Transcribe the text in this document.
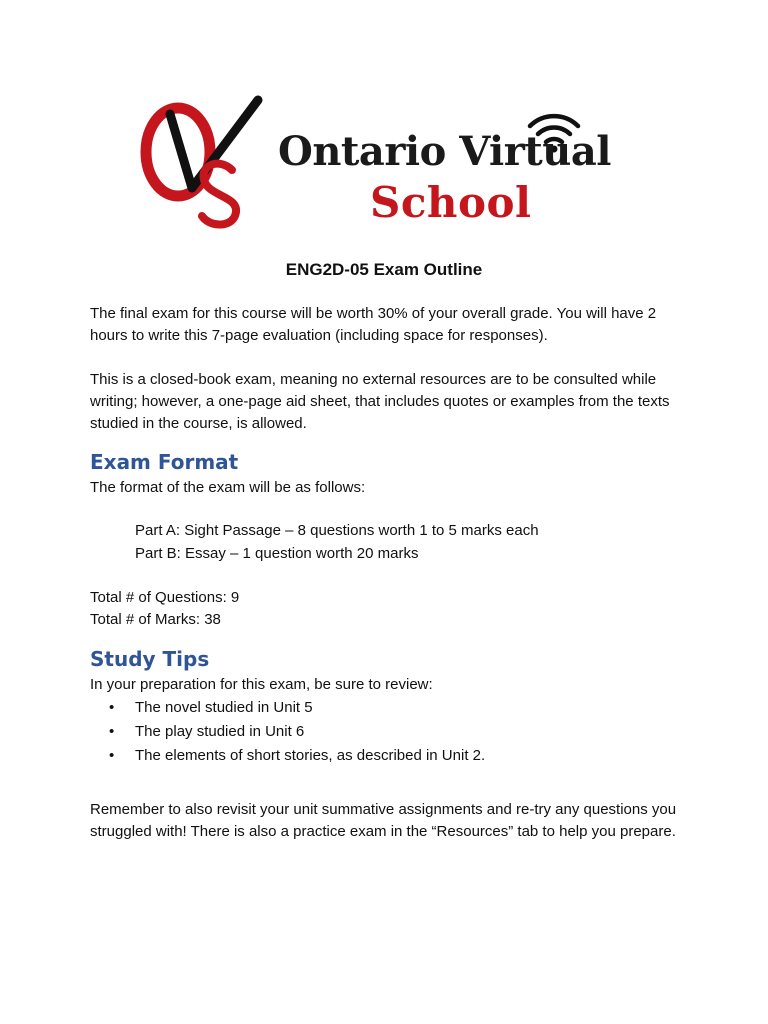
Ontario Virtual
School
ENG2D-05 Exam Outline

The final exam for this course will be worth 30% of your overall grade. You will have 2 hours to write this 7-page evaluation (including space for responses).

This is a closed-book exam, meaning no external resources are to be consulted while writing; however, a one-page aid sheet, that includes quotes or examples from the texts studied in the course, is allowed.

Exam Format
The format of the exam will be as follows:
Part A: Sight Passage – 8 questions worth 1 to 5 marks each
Part B: Essay – 1 question worth 20 marks
Total # of Questions: 9
Total # of Marks: 38
Study Tips
In your preparation for this exam, be sure to review:
• The novel studied in Unit 5
• The play studied in Unit 6
• The elements of short stories, as described in Unit 2.

Remember to also revisit your unit summative assignments and re-try any questions you struggled with! There is also a practice exam in the “Resources” tab to help you prepare.
